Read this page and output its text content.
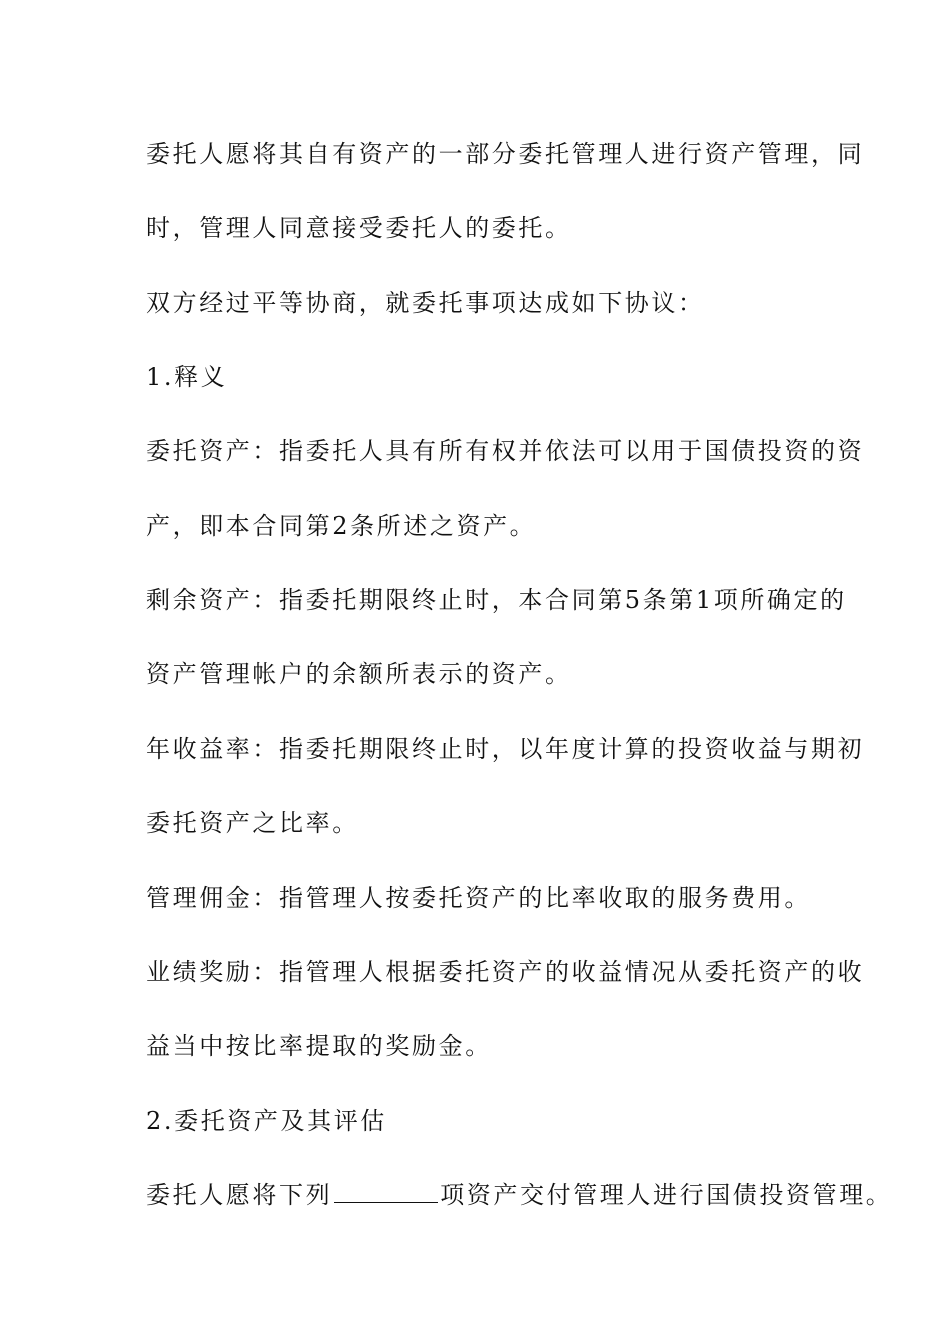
委托人愿将其自有资产的一部分委托管理人进行资产管理，同
时，管理人同意接受委托人的委托。
双方经过平等协商，就委托事项达成如下协议：
1.释义
委托资产：指委托人具有所有权并依法可以用于国债投资的资
产，即本合同第2条所述之资产。
剩余资产：指委托期限终止时，本合同第5条第1项所确定的
资产管理帐户的余额所表示的资产。
年收益率：指委托期限终止时，以年度计算的投资收益与期初
委托资产之比率。
管理佣金：指管理人按委托资产的比率收取的服务费用。
业绩奖励：指管理人根据委托资产的收益情况从委托资产的收
益当中按比率提取的奖励金。
2.委托资产及其评估
委托人愿将下列	项资产交付管理人进行国债投资管理。
